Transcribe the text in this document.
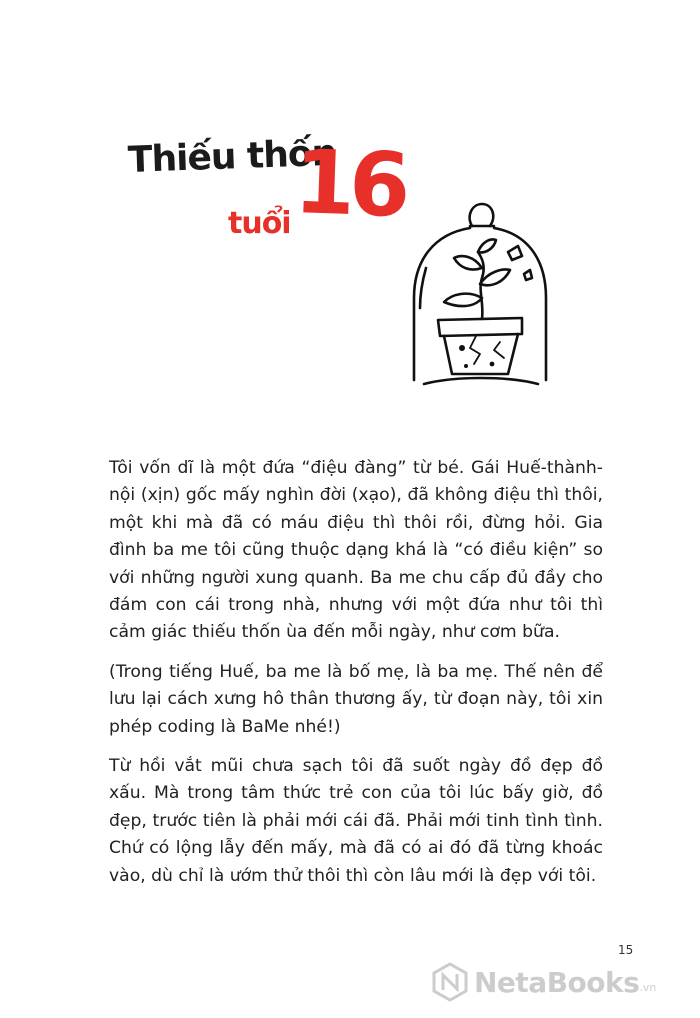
Thiếu thốn
tuổi 16

Tôi vốn dĩ là một đứa “điệu đàng” từ bé. Gái Huế-thành-nội (xịn) gốc mấy nghìn đời (xạo), đã không điệu thì thôi, một khi mà đã có máu điệu thì thôi rồi, đừng hỏi. Gia đình ba me tôi cũng thuộc dạng khá là “có điều kiện” so với những người xung quanh. Ba me chu cấp đủ đầy cho đám con cái trong nhà, nhưng với một đứa như tôi thì cảm giác thiếu thốn ùa đến mỗi ngày, như cơm bữa.

(Trong tiếng Huế, ba me là bố mẹ, là ba mẹ. Thế nên để lưu lại cách xưng hô thân thương ấy, từ đoạn này, tôi xin phép coding là BaMe nhé!)

Từ hồi vắt mũi chưa sạch tôi đã suốt ngày đồ đẹp đồ xấu. Mà trong tâm thức trẻ con của tôi lúc bấy giờ, đồ đẹp, trước tiên là phải mới cái đã. Phải mới tinh tình tình. Chứ có lộng lẫy đến mấy, mà đã có ai đó đã từng khoác vào, dù chỉ là ướm thử thôi thì còn lâu mới là đẹp với tôi.

15
NetaBooks .vn
